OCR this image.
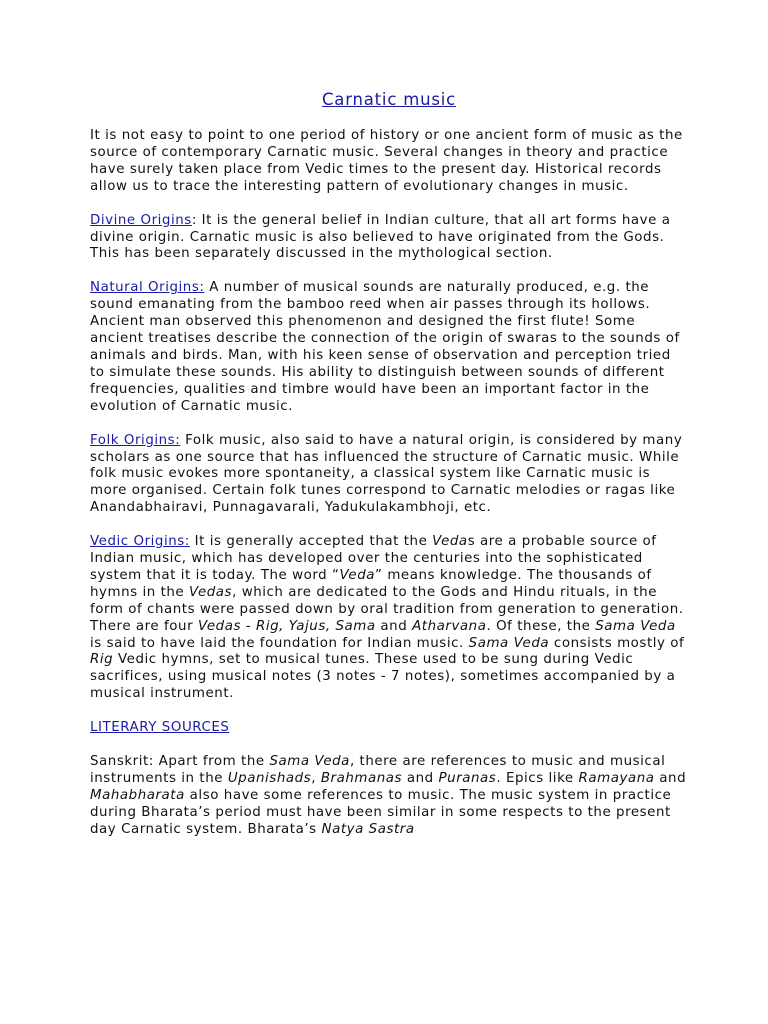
Carnatic music

It is not easy to point to one period of history or one ancient form of music as the source of contemporary Carnatic music. Several changes in theory and practice have surely taken place from Vedic times to the present day. Historical records allow us to trace the interesting pattern of evolutionary changes in music.

Divine Origins: It is the general belief in Indian culture, that all art forms have a divine origin. Carnatic music is also believed to have originated from the Gods. This has been separately discussed in the mythological section.

Natural Origins: A number of musical sounds are naturally produced, e.g. the sound emanating from the bamboo reed when air passes through its hollows. Ancient man observed this phenomenon and designed the first flute! Some ancient treatises describe the connection of the origin of swaras to the sounds of animals and birds. Man, with his keen sense of observation and perception tried to simulate these sounds. His ability to distinguish between sounds of different frequencies, qualities and timbre would have been an important factor in the evolution of Carnatic music.

Folk Origins: Folk music, also said to have a natural origin, is considered by many scholars as one source that has influenced the structure of Carnatic music. While folk music evokes more spontaneity, a classical system like Carnatic music is more organised. Certain folk tunes correspond to Carnatic melodies or ragas like Anandabhairavi, Punnagavarali, Yadukulakambhoji, etc.

Vedic Origins: It is generally accepted that the Vedas are a probable source of Indian music, which has developed over the centuries into the sophisticated system that it is today. The word “Veda” means knowledge. The thousands of hymns in the Vedas, which are dedicated to the Gods and Hindu rituals, in the form of chants were passed down by oral tradition from generation to generation. There are four Vedas - Rig, Yajus, Sama and Atharvana. Of these, the Sama Veda is said to have laid the foundation for Indian music. Sama Veda consists mostly of Rig Vedic hymns, set to musical tunes. These used to be sung during Vedic sacrifices, using musical notes (3 notes - 7 notes), sometimes accompanied by a musical instrument.

LITERARY SOURCES

Sanskrit: Apart from the Sama Veda, there are references to music and musical instruments in the Upanishads, Brahmanas and Puranas. Epics like Ramayana and Mahabharata also have some references to music. The music system in practice during Bharata’s period must have been similar in some respects to the present day Carnatic system. Bharata’s Natya Sastra
